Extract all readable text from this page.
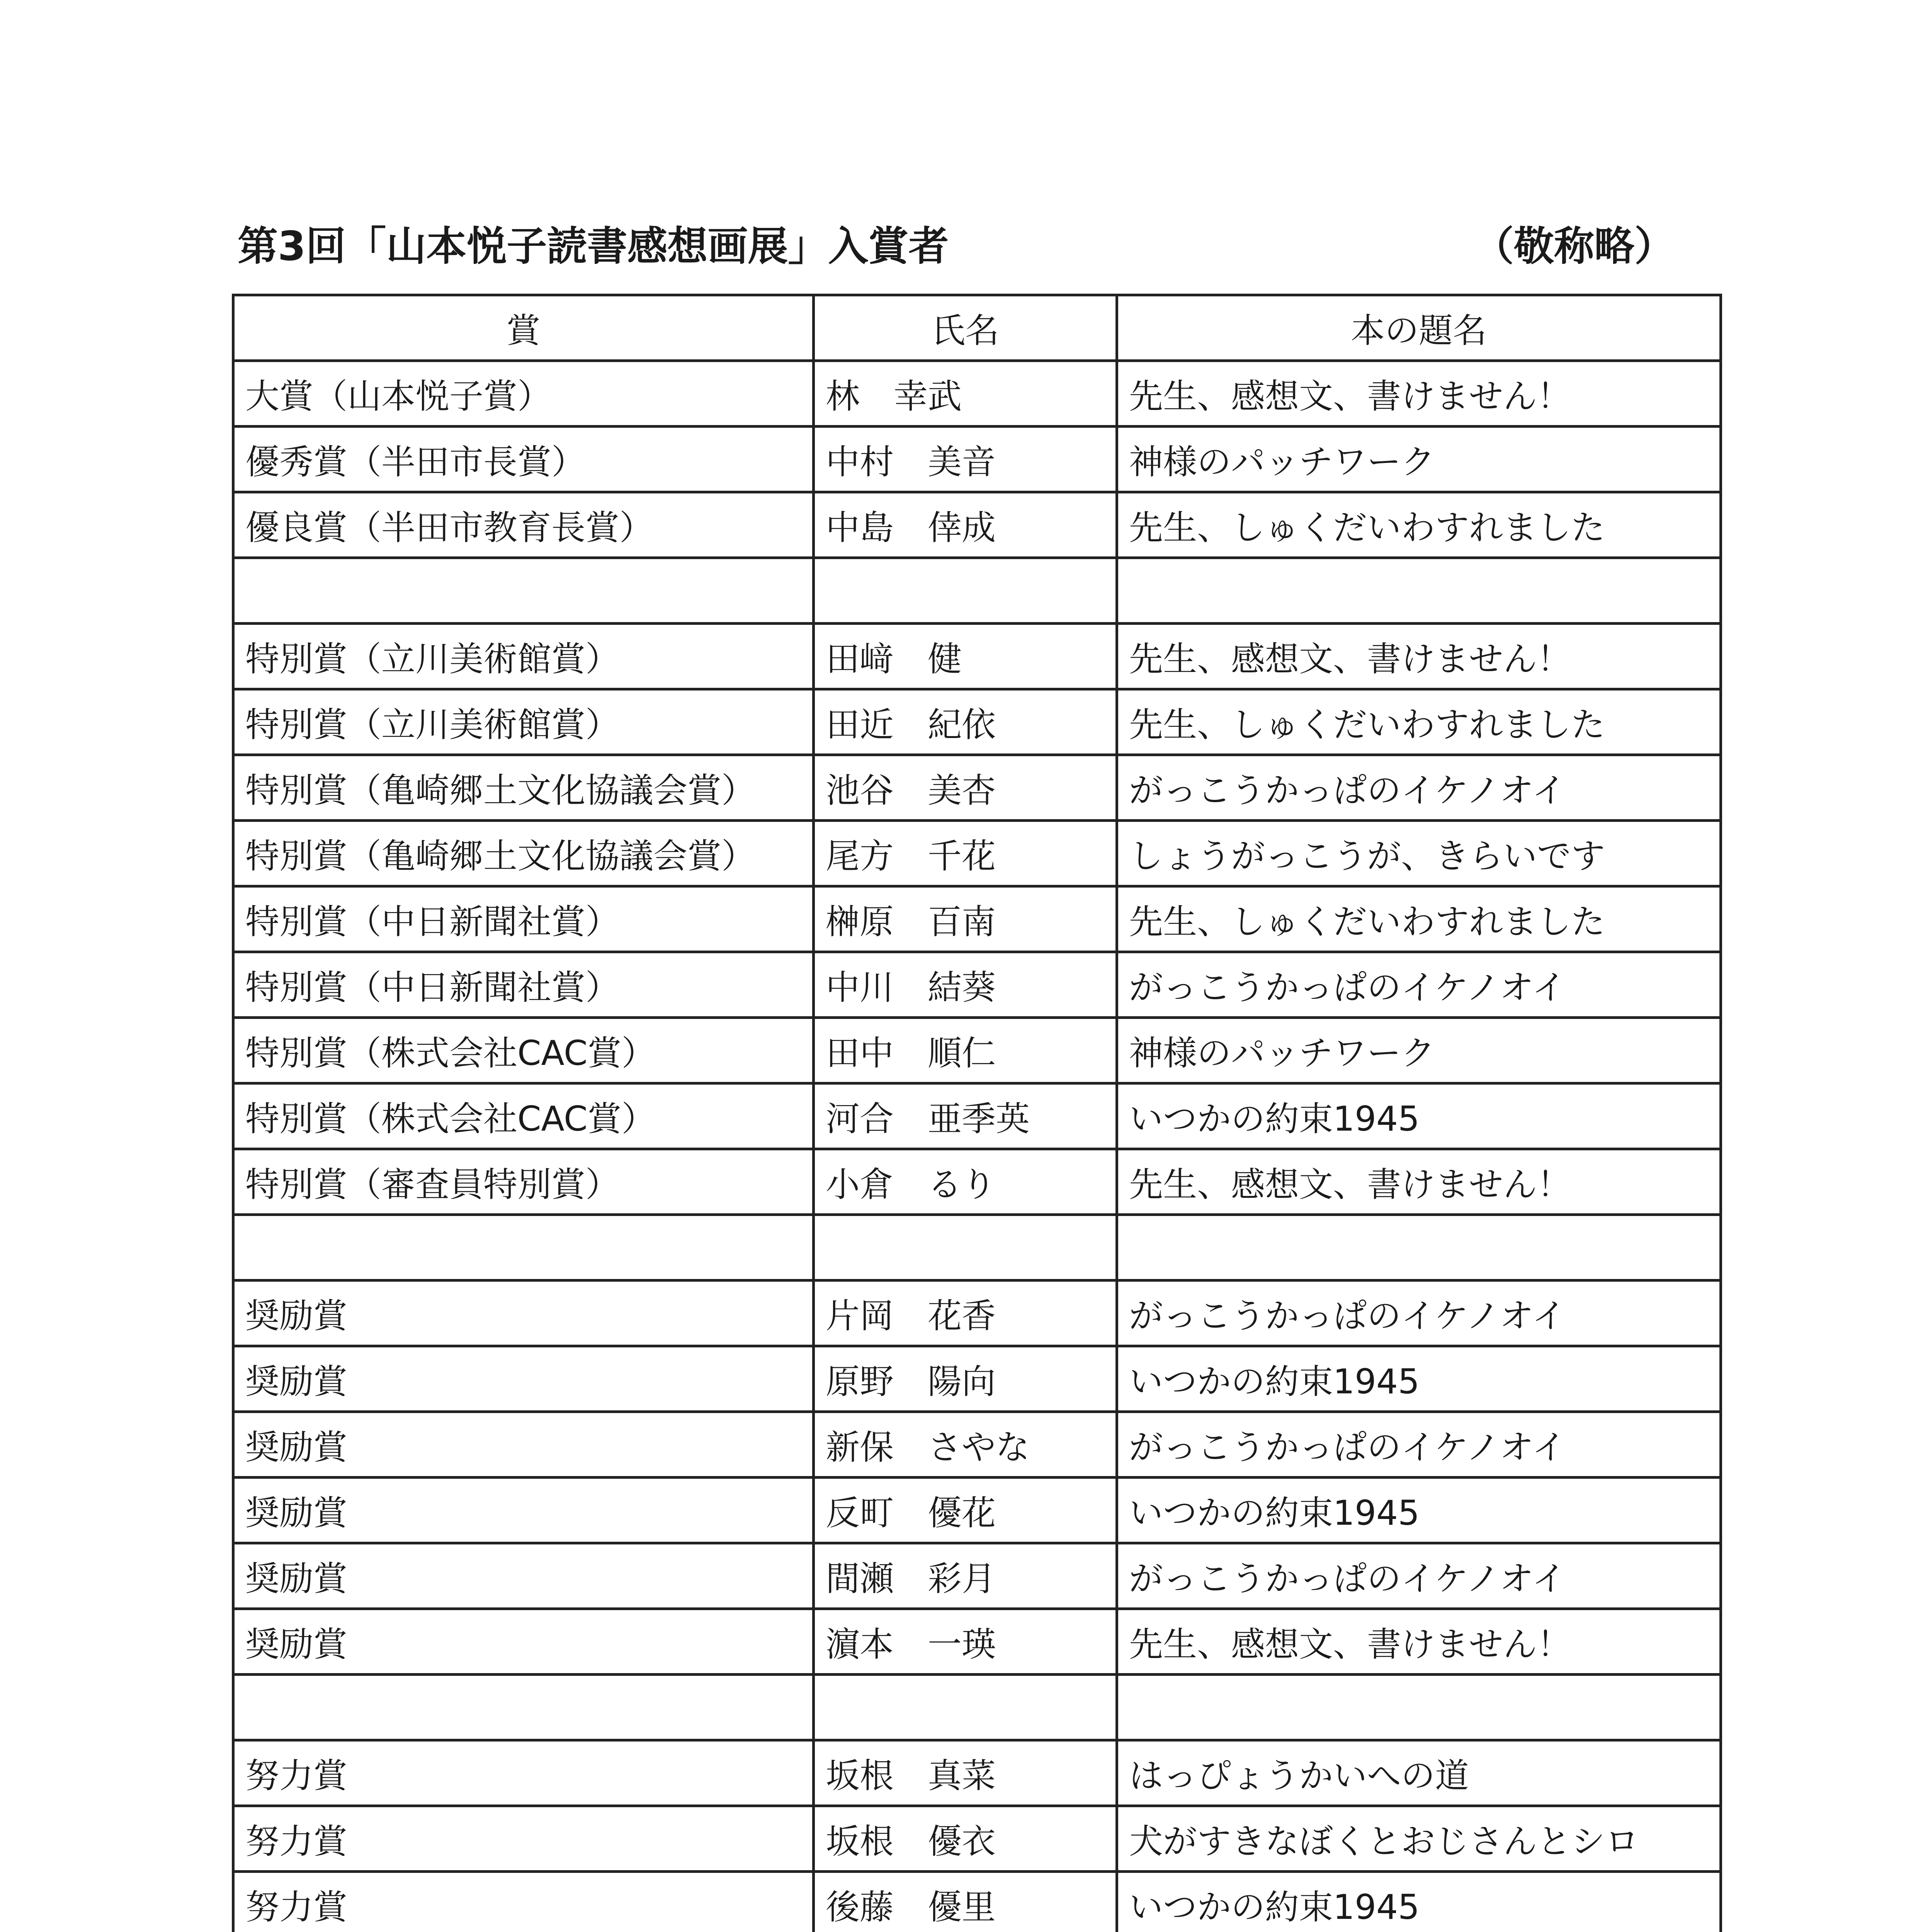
第3回「山本悦子読書感想画展」入賞者	（敬称略）
賞	氏名	本の題名
大賞（山本悦子賞）	林　幸武	先生、感想文、書けません！
優秀賞（半田市長賞）	中村　美音	神様のパッチワーク
優良賞（半田市教育長賞）	中島　倖成	先生、しゅくだいわすれました

特別賞（立川美術館賞）	田﨑　健	先生、感想文、書けません！
特別賞（立川美術館賞）	田近　紀依	先生、しゅくだいわすれました
特別賞（亀崎郷土文化協議会賞）	池谷　美杏	がっこうかっぱのイケノオイ
特別賞（亀崎郷土文化協議会賞）	尾方　千花	しょうがっこうが、きらいです
特別賞（中日新聞社賞）	榊原　百南	先生、しゅくだいわすれました
特別賞（中日新聞社賞）	中川　結葵	がっこうかっぱのイケノオイ
特別賞（株式会社CAC賞）	田中　順仁	神様のパッチワーク
特別賞（株式会社CAC賞）	河合　亜季英	いつかの約束1945
特別賞（審査員特別賞）	小倉　るり	先生、感想文、書けません！

奨励賞	片岡　花香	がっこうかっぱのイケノオイ
奨励賞	原野　陽向	いつかの約束1945
奨励賞	新保　さやな	がっこうかっぱのイケノオイ
奨励賞	反町　優花	いつかの約束1945
奨励賞	間瀬　彩月	がっこうかっぱのイケノオイ
奨励賞	濵本　一瑛	先生、感想文、書けません！

努力賞	坂根　真菜	はっぴょうかいへの道
努力賞	坂根　優衣	犬がすきなぼくとおじさんとシロ
努力賞	後藤　優里	いつかの約束1945
